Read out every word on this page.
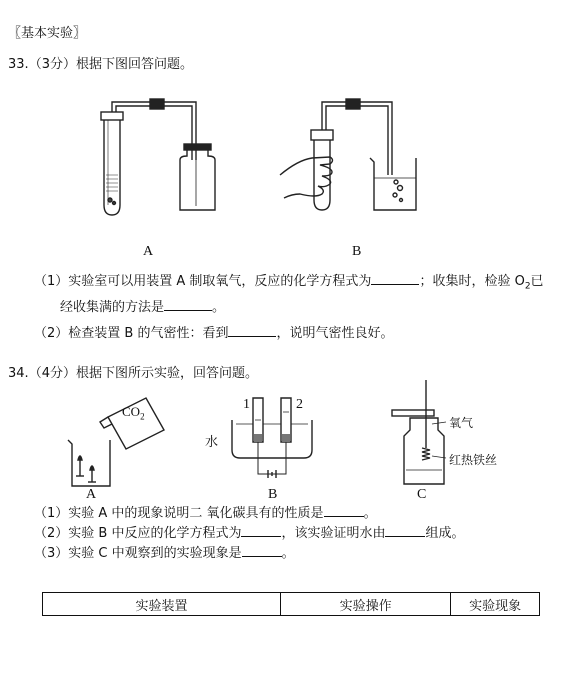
〖基本实验〗
33.（3分）根据下图回答问题。
A	B
（1）实验室可以用装置 A 制取氧气，反应的化学方程式为	；收集时，检验 $O_2$已
经收集满的方法是	。
（2）检查装置 B 的气密性：看到	，说明气密性良好。
34.（4分）根据下图所示实验，回答问题。
$CO_2$
A
1	2
水
B
氧气
红热铁丝
C
（1）实验 A 中的现象说明二 氧化碳具有的性质是	。
（2）实验 B 中反应的化学方程式为	，该实验证明水由	组成。
（3）实验 C 中观察到的实验现象是	。
实验装置	实验操作	实验现象
